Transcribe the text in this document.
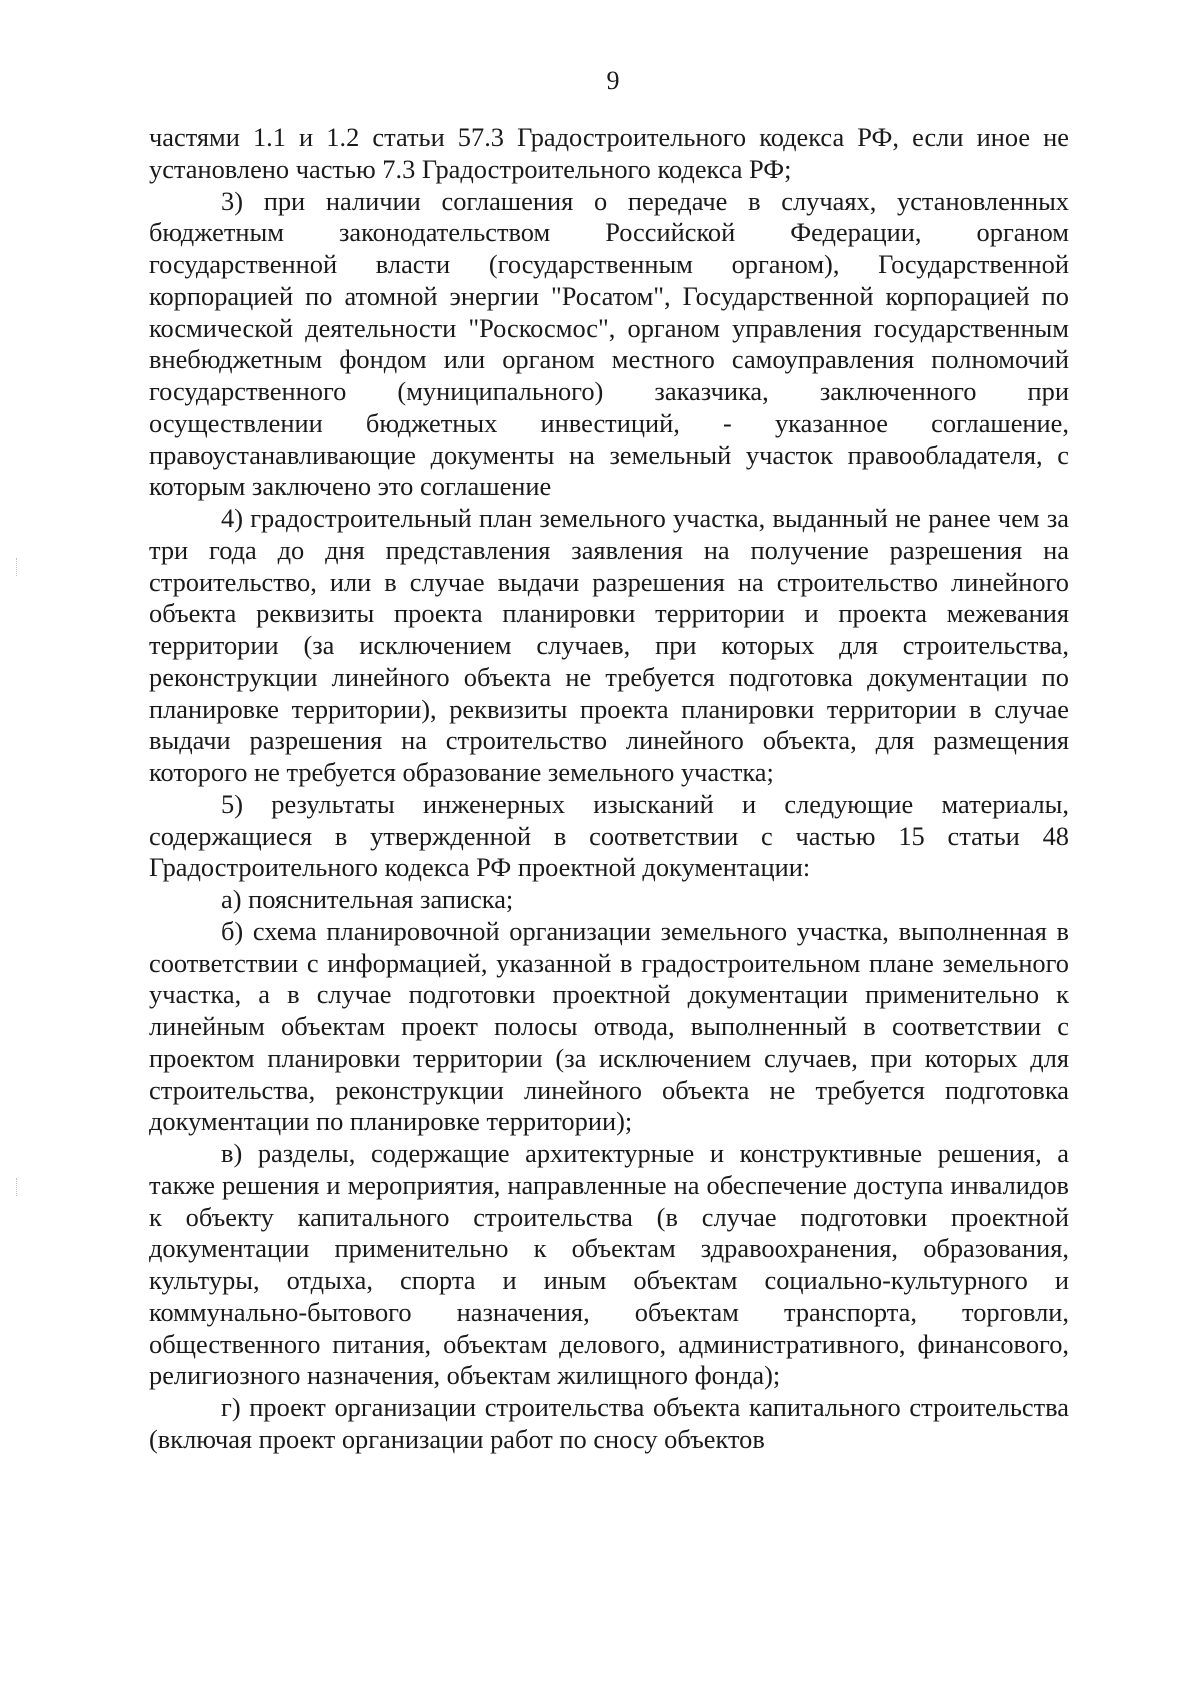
9

частями 1.1 и 1.2 статьи 57.3 Градостроительного кодекса РФ, если иное не установлено частью 7.3 Градостроительного кодекса РФ;

3) при наличии соглашения о передаче в случаях, установленных бюджетным законодательством Российской Федерации, органом государственной власти (государственным органом), Государственной корпорацией по атомной энергии "Росатом", Государственной корпорацией по космической деятельности "Роскосмос", органом управления государственным внебюджетным фондом или органом местного самоуправления полномочий государственного (муниципального) заказчика, заключенного при осуществлении бюджетных инвестиций, - указанное соглашение, правоустанавливающие документы на земельный участок правообладателя, с которым заключено это соглашение

4) градостроительный план земельного участка, выданный не ранее чем за три года до дня представления заявления на получение разрешения на строительство, или в случае выдачи разрешения на строительство линейного объекта реквизиты проекта планировки территории и проекта межевания территории (за исключением случаев, при которых для строительства, реконструкции линейного объекта не требуется подготовка документации по планировке территории), реквизиты проекта планировки территории в случае выдачи разрешения на строительство линейного объекта, для размещения которого не требуется образование земельного участка;

5) результаты инженерных изысканий и следующие материалы, содержащиеся в утвержденной в соответствии с частью 15 статьи 48 Градостроительного кодекса РФ проектной документации:

а) пояснительная записка;

б) схема планировочной организации земельного участка, выполненная в соответствии с информацией, указанной в градостроительном плане земельного участка, а в случае подготовки проектной документации применительно к линейным объектам проект полосы отвода, выполненный в соответствии с проектом планировки территории (за исключением случаев, при которых для строительства, реконструкции линейного объекта не требуется подготовка документации по планировке территории);

в) разделы, содержащие архитектурные и конструктивные решения, а также решения и мероприятия, направленные на обеспечение доступа инвалидов к объекту капитального строительства (в случае подготовки проектной документации применительно к объектам здравоохранения, образования, культуры, отдыха, спорта и иным объектам социально-культурного и коммунально-бытового назначения, объектам транспорта, торговли, общественного питания, объектам делового, административного, финансового, религиозного назначения, объектам жилищного фонда);

г) проект организации строительства объекта капитального строительства (включая проект организации работ по сносу объектов
